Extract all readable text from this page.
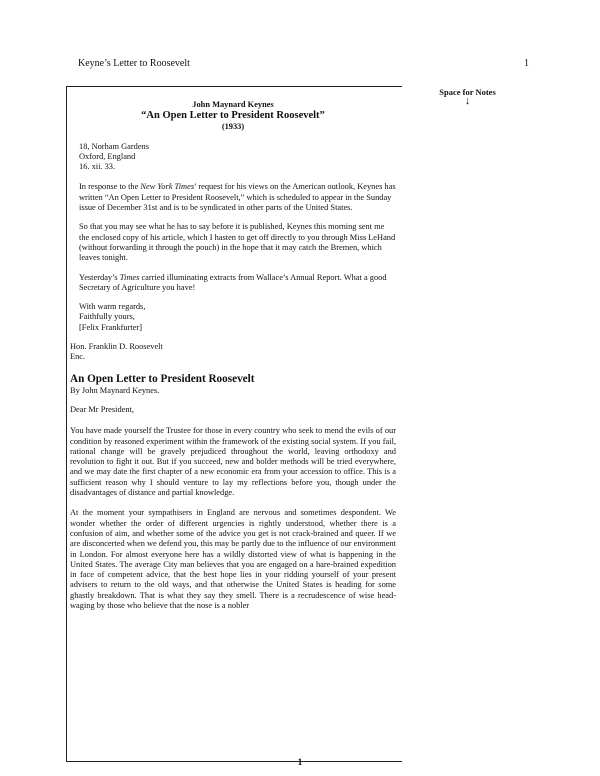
Keyne’s Letter to Roosevelt	1
Space for Notes
↓
John Maynard Keynes
“An Open Letter to President Roosevelt”
(1933)
18, Norham Gardens
Oxford, England
16. xii. 33.

In response to the New York Times’ request for his views on the American outlook, Keynes has written “An Open Letter to President Roosevelt,” which is scheduled to appear in the Sunday issue of December 31st and is to be syndicated in other parts of the United States.

So that you may see what he has to say before it is published, Keynes this morning sent me the enclosed copy of his article, which I hasten to get off directly to you through Miss LeHand (without forwarding it through the pouch) in the hope that it may catch the Bremen, which leaves tonight.

Yesterday’s Times carried illuminating extracts from Wallace’s Annual Report. What a good Secretary of Agriculture you have!

With warm regards,
Faithfully yours,
[Felix Frankfurter]
Hon. Franklin D. Roosevelt
Enc.
An Open Letter to President Roosevelt
By John Maynard Keynes.
Dear Mr President,

You have made yourself the Trustee for those in every country who seek to mend the evils of our condition by reasoned experiment within the framework of the existing social system. If you fail, rational change will be gravely prejudiced throughout the world, leaving orthodoxy and revolution to fight it out. But if you succeed, new and bolder methods will be tried everywhere, and we may date the first chapter of a new economic era from your accession to office. This is a sufficient reason why I should venture to lay my reflections before you, though under the disadvantages of distance and partial knowledge.

At the moment your sympathisers in England are nervous and sometimes despondent. We wonder whether the order of different urgencies is rightly understood, whether there is a confusion of aim, and whether some of the advice you get is not crack-brained and queer. If we are disconcerted when we defend you, this may be partly due to the influence of our environment in London. For almost everyone here has a wildly distorted view of what is happening in the United States. The average City man believes that you are engaged on a hare-brained expedition in face of competent advice, that the best hope lies in your ridding yourself of your present advisers to return to the old ways, and that otherwise the United States is heading for some ghastly breakdown. That is what they say they smell. There is a recrudescence of wise head-waging by those who believe that the nose is a nobler

1
